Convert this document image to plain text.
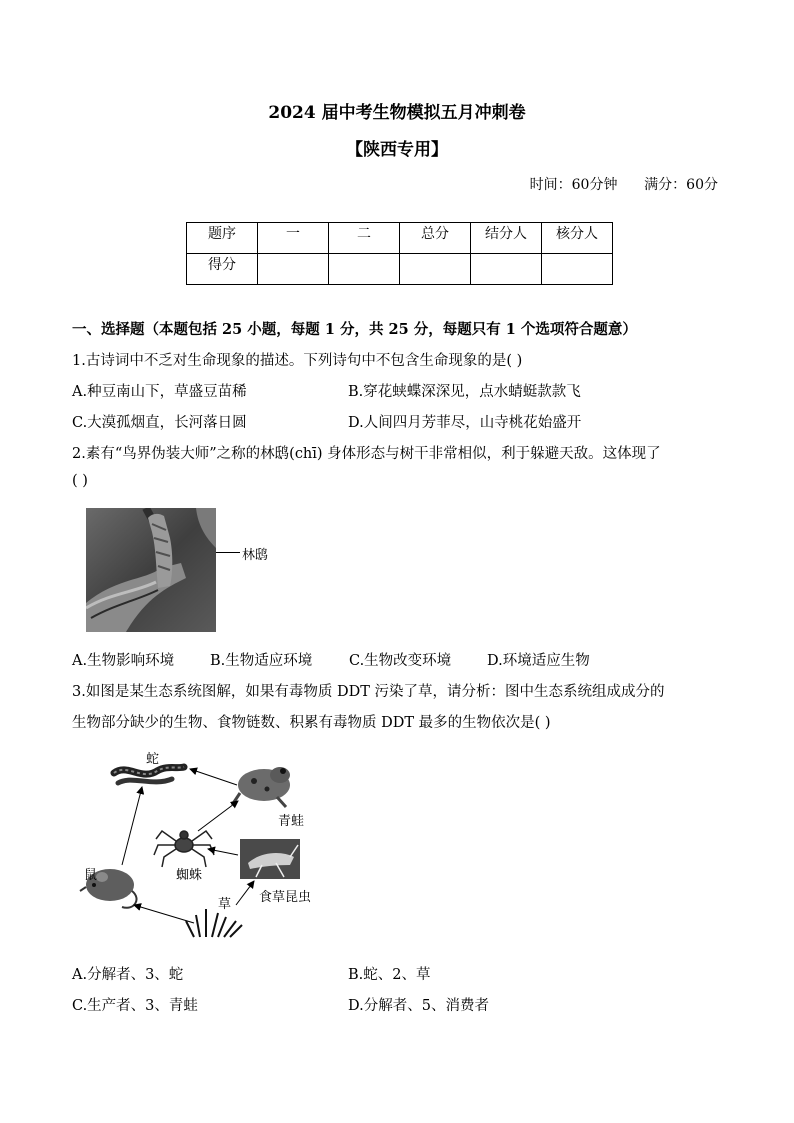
2024 届中考生物模拟五月冲刺卷
【陕西专用】
时间：60分钟 满分：60分
题序	一	二	总分	结分人	核分人
得分					
一、选择题（本题包括 25 小题，每题 1 分，共 25 分，每题只有 1 个选项符合题意）
1.古诗词中不乏对生命现象的描述。下列诗句中不包含生命现象的是( )
A.种豆南山下，草盛豆苗稀	B.穿花蛱蝶深深见，点水蜻蜓款款飞
C.大漠孤烟直，长河落日圆	D.人间四月芳菲尽，山寺桃花始盛开
2.素有“鸟界伪装大师”之称的林鸱(chī) 身体形态与树干非常相似，利于躲避天敌。这体现了
( )
林鸱
A.生物影响环境 B.生物适应环境	C.生物改变环境 D.环境适应生物
3.如图是某生态系统图解，如果有毒物质 DDT 污染了草，请分析：图中生态系统组成成分的
生物部分缺少的生物、食物链数、积累有毒物质 DDT 最多的生物依次是( )
蛇
青蛙
蜘蛛
鼠
草 食草昆虫
A.分解者、3、蛇	B.蛇、2、草
C.生产者、3、青蛙	D.分解者、5、消费者
